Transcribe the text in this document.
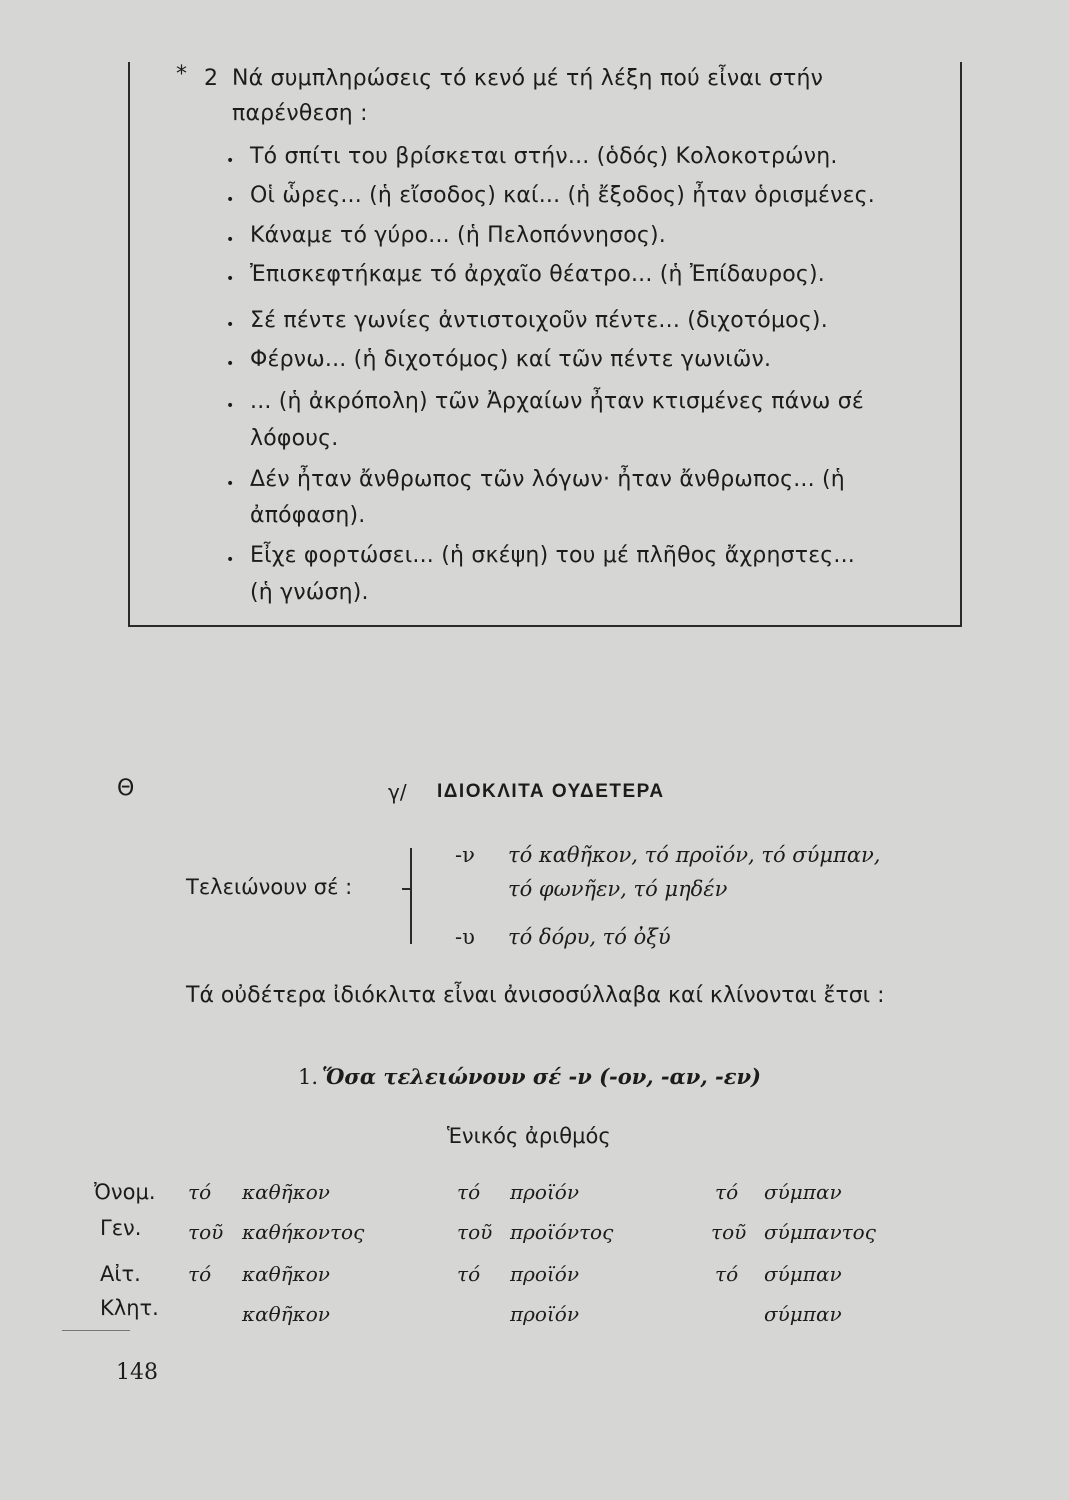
* 2 Νά συμπληρώσεις τό κενό μέ τή λέξη πού εἶναι στήν
παρένθεση :
•
•
•
•
•
•
•
•
•
Τό σπίτι του βρίσκεται στήν... (ὁδός) Κολοκοτρώνη.
Οἱ ὧρες... (ἡ εἴσοδος) καί... (ἡ ἔξοδος) ἦταν ὁρισμένες.
Κάναμε τό γύρο... (ἡ Πελοπόννησος).
Ἐπισκεφτήκαμε τό ἀρχαῖο θέατρο... (ἡ Ἐπίδαυρος).
Σέ πέντε γωνίες ἀντιστοιχοῦν πέντε... (διχοτόμος).
Φέρνω... (ἡ διχοτόμος) καί τῶν πέντε γωνιῶν.
... (ἡ ἀκρόπολη) τῶν Ἀρχαίων ἦταν κτισμένες πάνω σέ
λόφους.
Δέν ἦταν ἄνθρωπος τῶν λόγων· ἦταν ἄνθρωπος... (ἡ
ἀπόφαση).
Εἶχε φορτώσει... (ἡ σκέψη) του μέ πλῆθος ἄχρηστες...
(ἡ γνώση).
Θ	γ/ ΙΔΙΟΚΛΙΤΑ ΟΥΔΕΤΕΡΑ
Τελειώνουν σέ :
-ν τό καθῆκον, τό προϊόν, τό σύμπαν,
τό φωνῆεν, τό μηδέν
-υ τό δόρυ, τό ὀξύ
Τά οὐδέτερα ἰδιόκλιτα εἶναι ἀνισοσύλλαβα καί κλίνονται ἔτσι :
1. Ὅσα τελειώνουν σέ -ν (-ον, -αν, -εν)
Ἑνικός ἀριθμός
Ὀνομ. τό καθῆκον	τό προϊόν	τό σύμπαν
Γεν. τοῦ καθήκοντος	τοῦ προϊόντος	τοῦ σύμπαντος
Αἰτ. τό καθῆκον	τό προϊόν	τό σύμπαν
Κλητ.	καθῆκον	προϊόν	σύμπαν
148
